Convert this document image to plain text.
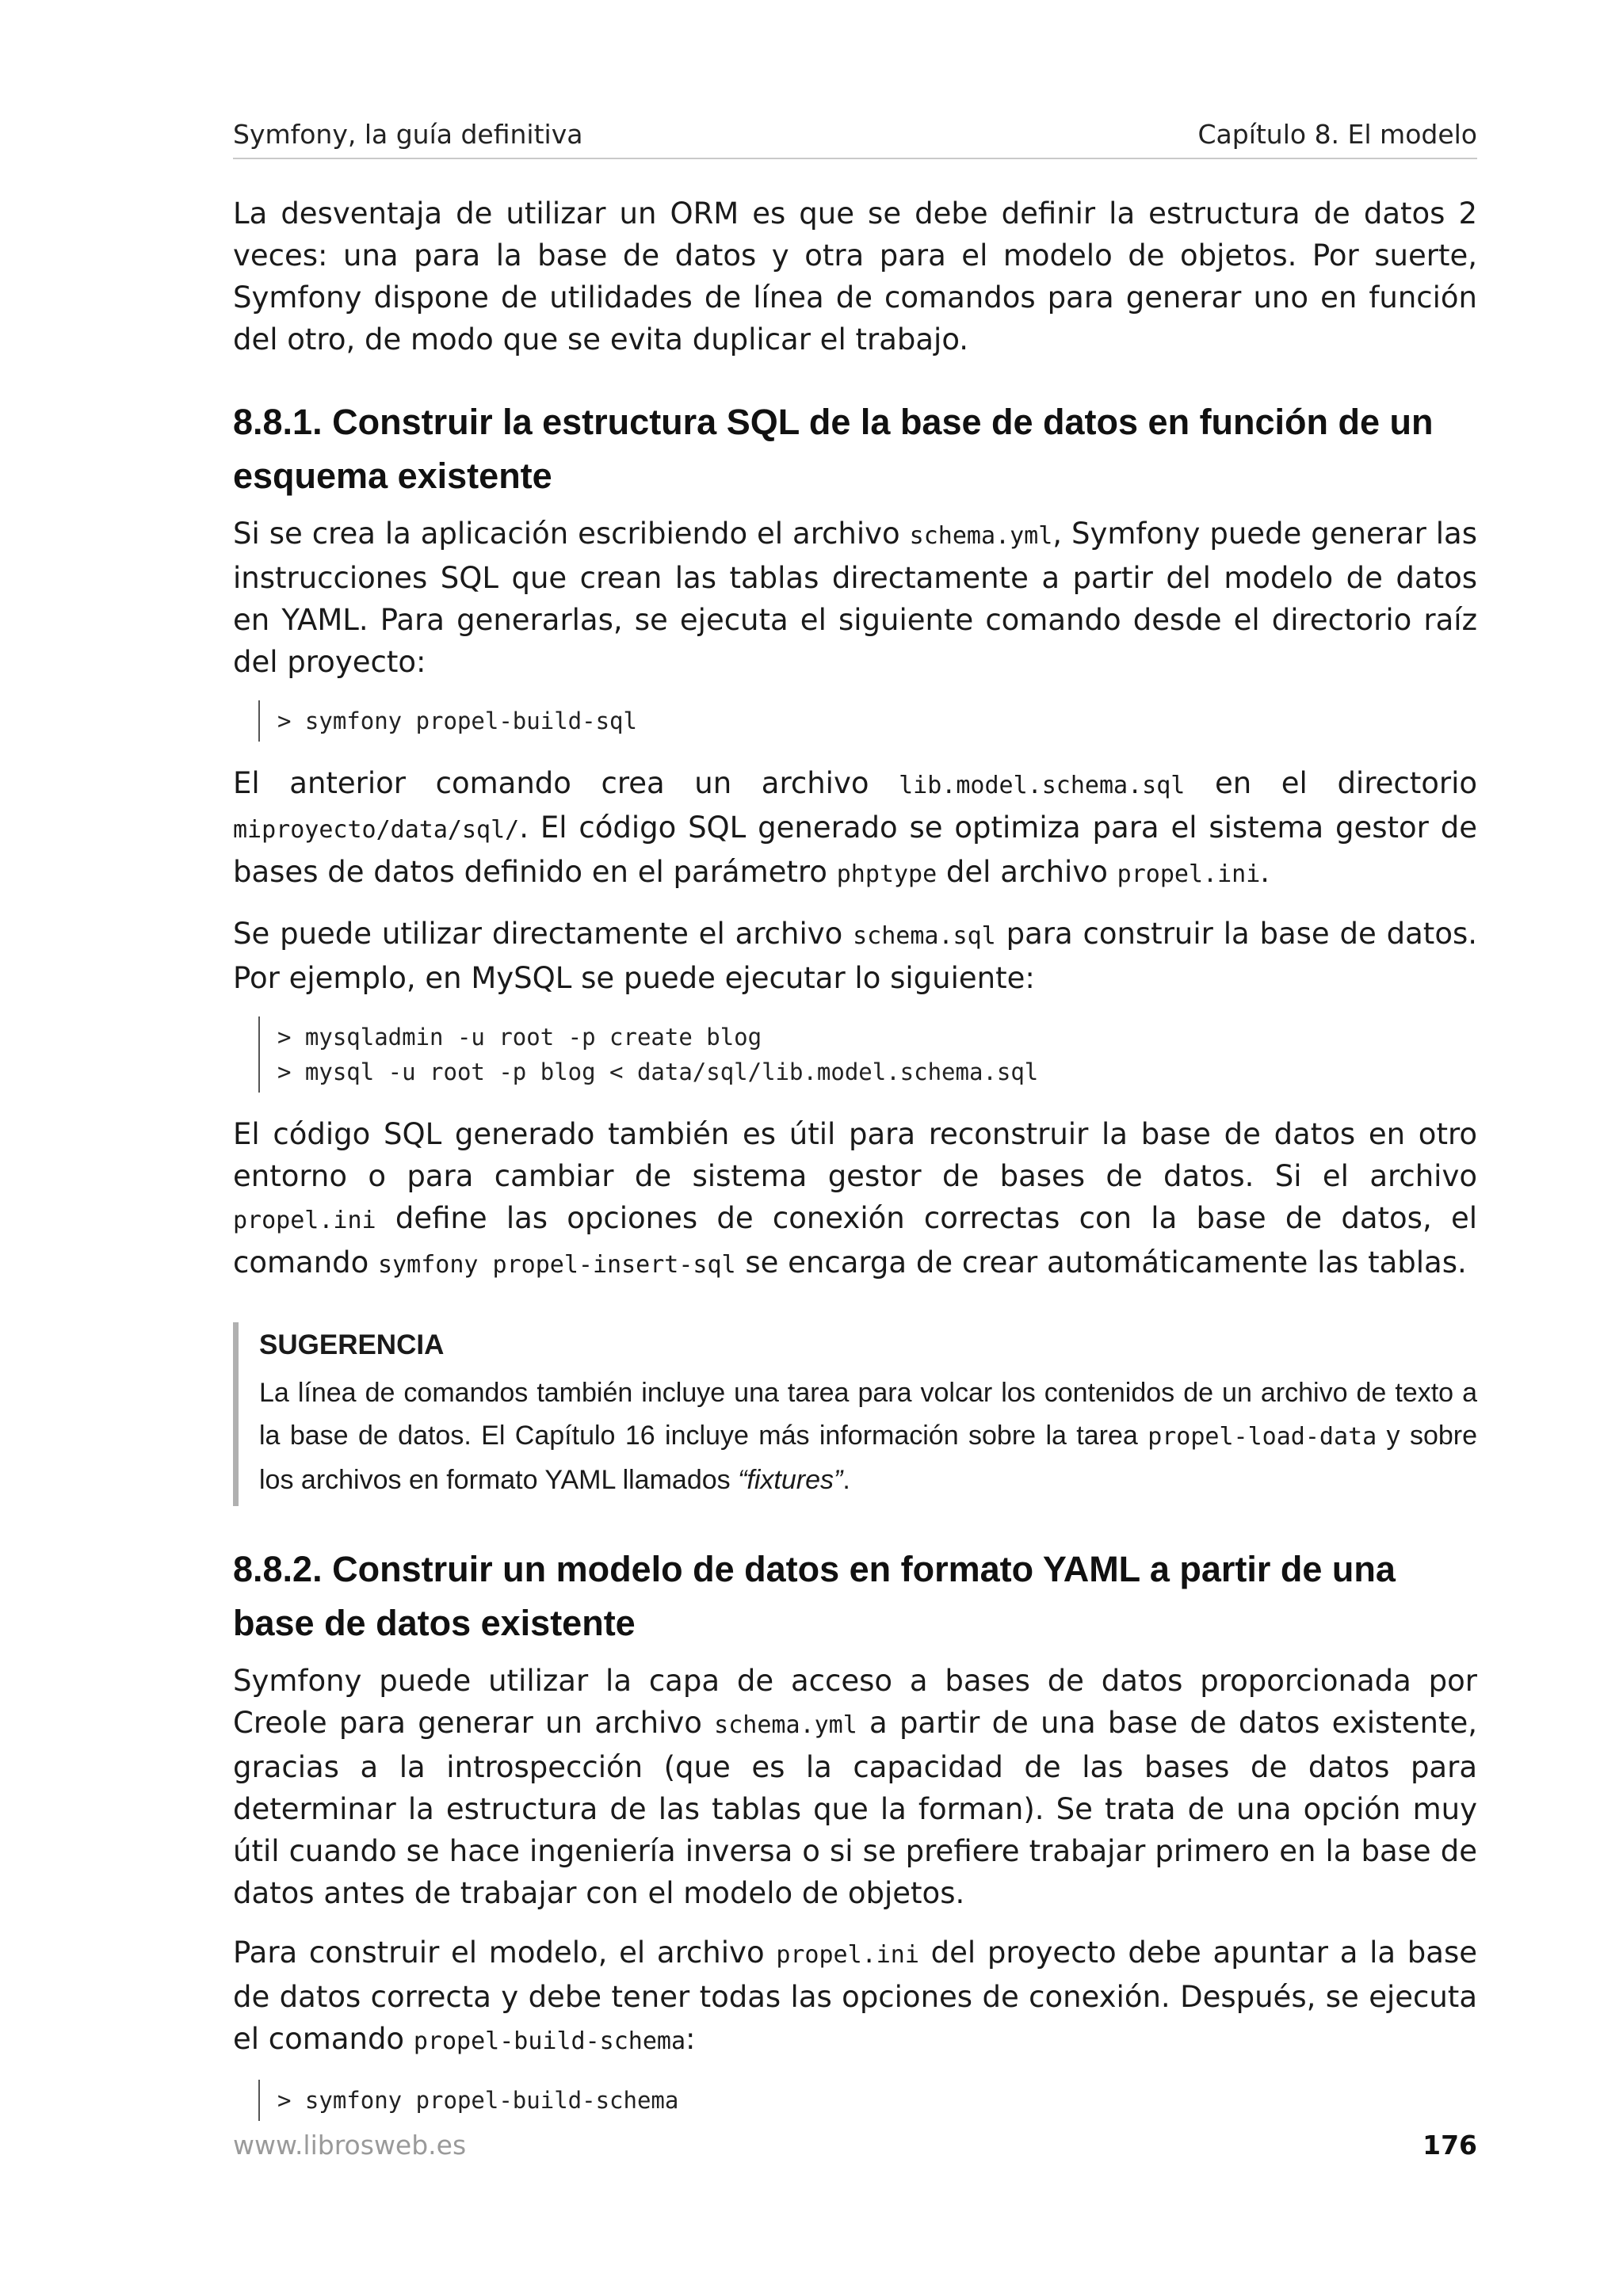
Symfony, la guía definitiva	Capítulo 8. El modelo

La desventaja de utilizar un ORM es que se debe definir la estructura de datos 2 veces: una para la base de datos y otra para el modelo de objetos. Por suerte, Symfony dispone de utilidades de línea de comandos para generar uno en función del otro, de modo que se evita duplicar el trabajo.

8.8.1. Construir la estructura SQL de la base de datos en función de un esquema existente

Si se crea la aplicación escribiendo el archivo schema.yml, Symfony puede generar las instrucciones SQL que crean las tablas directamente a partir del modelo de datos en YAML. Para generarlas, se ejecuta el siguiente comando desde el directorio raíz del proyecto:

> symfony propel-build-sql

El anterior comando crea un archivo lib.model.schema.sql en el directorio miproyecto/data/sql/. El código SQL generado se optimiza para el sistema gestor de bases de datos definido en el parámetro phptype del archivo propel.ini.

Se puede utilizar directamente el archivo schema.sql para construir la base de datos. Por ejemplo, en MySQL se puede ejecutar lo siguiente:

> mysqladmin -u root -p create blog
> mysql -u root -p blog < data/sql/lib.model.schema.sql

El código SQL generado también es útil para reconstruir la base de datos en otro entorno o para cambiar de sistema gestor de bases de datos. Si el archivo propel.ini define las opciones de conexión correctas con la base de datos, el comando symfony propel-insert-sql se encarga de crear automáticamente las tablas.

SUGERENCIA
La línea de comandos también incluye una tarea para volcar los contenidos de un archivo de texto a la base de datos. El Capítulo 16 incluye más información sobre la tarea propel-load-data y sobre los archivos en formato YAML llamados “fixtures”.
8.8.2. Construir un modelo de datos en formato YAML a partir de una base de datos existente

Symfony puede utilizar la capa de acceso a bases de datos proporcionada por Creole para generar un archivo schema.yml a partir de una base de datos existente, gracias a la introspección (que es la capacidad de las bases de datos para determinar la estructura de las tablas que la forman). Se trata de una opción muy útil cuando se hace ingeniería inversa o si se prefiere trabajar primero en la base de datos antes de trabajar con el modelo de objetos.

Para construir el modelo, el archivo propel.ini del proyecto debe apuntar a la base de datos correcta y debe tener todas las opciones de conexión. Después, se ejecuta el comando propel-build-schema:

> symfony propel-build-schema
www.librosweb.es	176
